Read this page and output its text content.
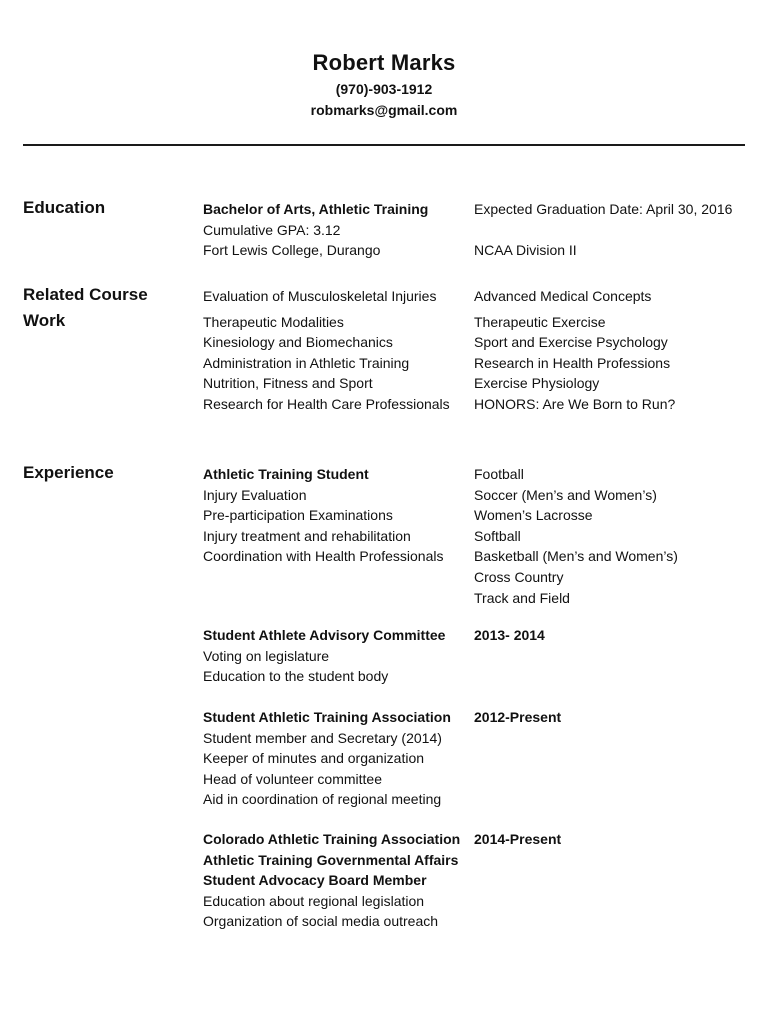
Robert Marks
(970)-903-1912
robmarks@gmail.com
Education	Bachelor of Arts, Athletic Training
Cumulative GPA: 3.12
Fort Lewis College, Durango
Expected Graduation Date: April 30, 2016

NCAA Division II
Related Course Work
Evaluation of Musculoskeletal Injuries
Therapeutic Modalities
Kinesiology and Biomechanics
Administration in Athletic Training
Nutrition, Fitness and Sport
Research for Health Care Professionals
Advanced Medical Concepts
Therapeutic Exercise
Sport and Exercise Psychology
Research in Health Professions
Exercise Physiology
HONORS: Are We Born to Run?
Experience	Athletic Training Student
Injury Evaluation
Pre-participation Examinations
Injury treatment and rehabilitation
Coordination with Health Professionals
Football
Soccer (Men’s and Women’s)
Women’s Lacrosse
Softball
Basketball (Men’s and Women’s)
Cross Country
Track and Field
Student Athlete Advisory Committee
Voting on legislature
Education to the student body
2013- 2014
Student Athletic Training Association
Student member and Secretary (2014)
Keeper of minutes and organization
Head of volunteer committee
Aid in coordination of regional meeting
2012-Present
Colorado Athletic Training Association
Athletic Training Governmental Affairs
Student Advocacy Board Member
Education about regional legislation
Organization of social media outreach
2014-Present
